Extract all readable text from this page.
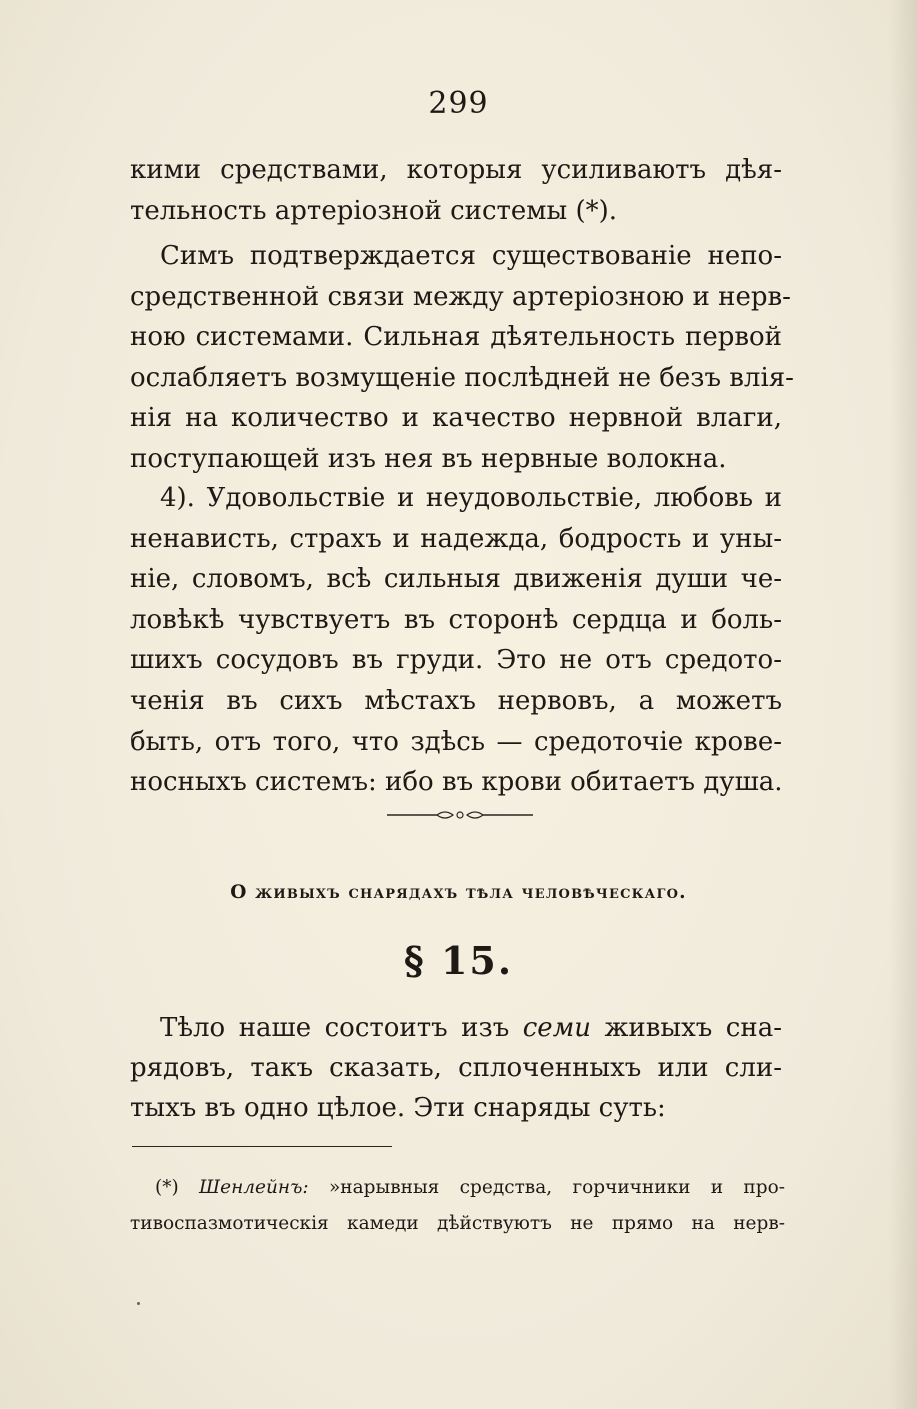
299
кими средствами, которыя усиливаютъ дѣя-
тельность артеріозной системы (*).
Симъ подтверждается существованіе непо-
средственной связи между артеріозною и нерв-
ною системами. Сильная дѣятельность первой
ослабляетъ возмущеніе послѣдней не безъ влія-
нія на количество и качество нервной влаги,
поступающей изъ нея въ нервные волокна.
4). Удовольствіе и неудовольствіе, любовь и
ненависть, страхъ и надежда, бодрость и уны-
ніе, словомъ, всѣ сильныя движенія души че-
ловѣкѣ чувствуетъ въ сторонѣ сердца и боль-
шихъ сосудовъ въ груди. Это не отъ средото-
ченія въ сихъ мѣстахъ нервовъ, а можетъ
быть, отъ того, что здѣсь — средоточіе крове-
носныхъ системъ: ибо въ крови обитаетъ душа.
О живыхъ снарядахъ тѣла человѣческаго.
§ 15.
Тѣло наше состоитъ изъ семи живыхъ сна-
рядовъ, такъ сказать, сплоченныхъ или сли-
тыхъ въ одно цѣлое. Эти снаряды суть:
(*) Шенлейнъ: »нарывныя средства, горчичники и про-
тивоспазмотическія камеди дѣйствуютъ не прямо на нерв-
